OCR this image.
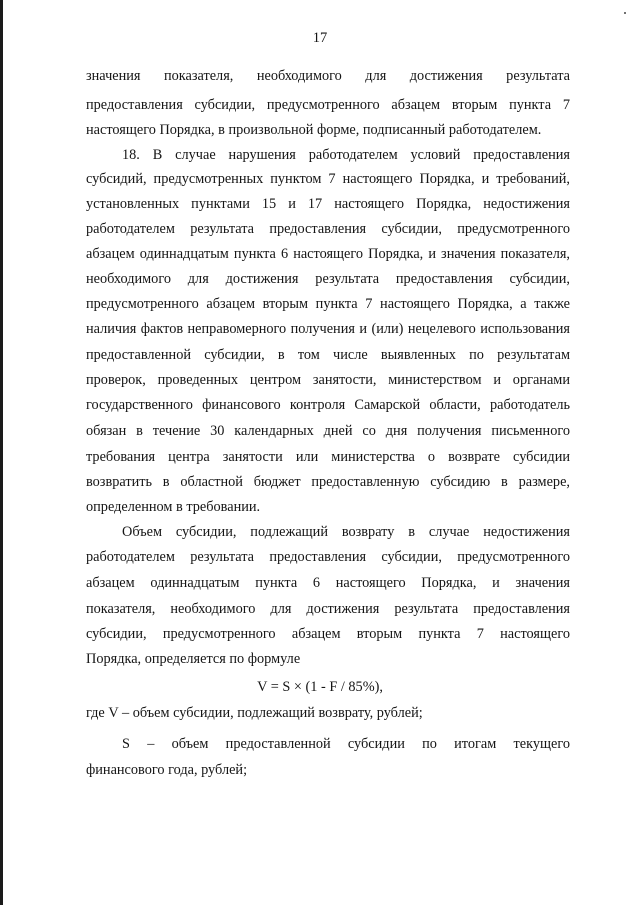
17
значения показателя, необходимого для достижения результата
предоставления субсидии, предусмотренного абзацем вторым пункта 7
настоящего Порядка, в произвольной форме, подписанный работодателем.
18. В случае нарушения работодателем условий предоставления
субсидий, предусмотренных пунктом 7 настоящего Порядка, и требований,
установленных пунктами 15 и 17 настоящего Порядка, недостижения
работодателем результата предоставления субсидии, предусмотренного
абзацем одиннадцатым пункта 6 настоящего Порядка, и значения показателя,
необходимого для достижения результата предоставления субсидии,
предусмотренного абзацем вторым пункта 7 настоящего Порядка, а также
наличия фактов неправомерного получения и (или) нецелевого использования
предоставленной субсидии, в том числе выявленных по результатам
проверок, проведенных центром занятости, министерством и органами
государственного финансового контроля Самарской области, работодатель
обязан в течение 30 календарных дней со дня получения письменного
требования центра занятости или министерства о возврате субсидии
возвратить в областной бюджет предоставленную субсидию в размере,
определенном в требовании.
Объем субсидии, подлежащий возврату в случае недостижения
работодателем результата предоставления субсидии, предусмотренного
абзацем одиннадцатым пункта 6 настоящего Порядка, и значения
показателя, необходимого для достижения результата предоставления
субсидии, предусмотренного абзацем вторым пункта 7 настоящего
Порядка, определяется по формуле
V = S × (1 - F / 85%),
где V – объем субсидии, подлежащий возврату, рублей;
S – объем предоставленной субсидии по итогам текущего
финансового года, рублей;
